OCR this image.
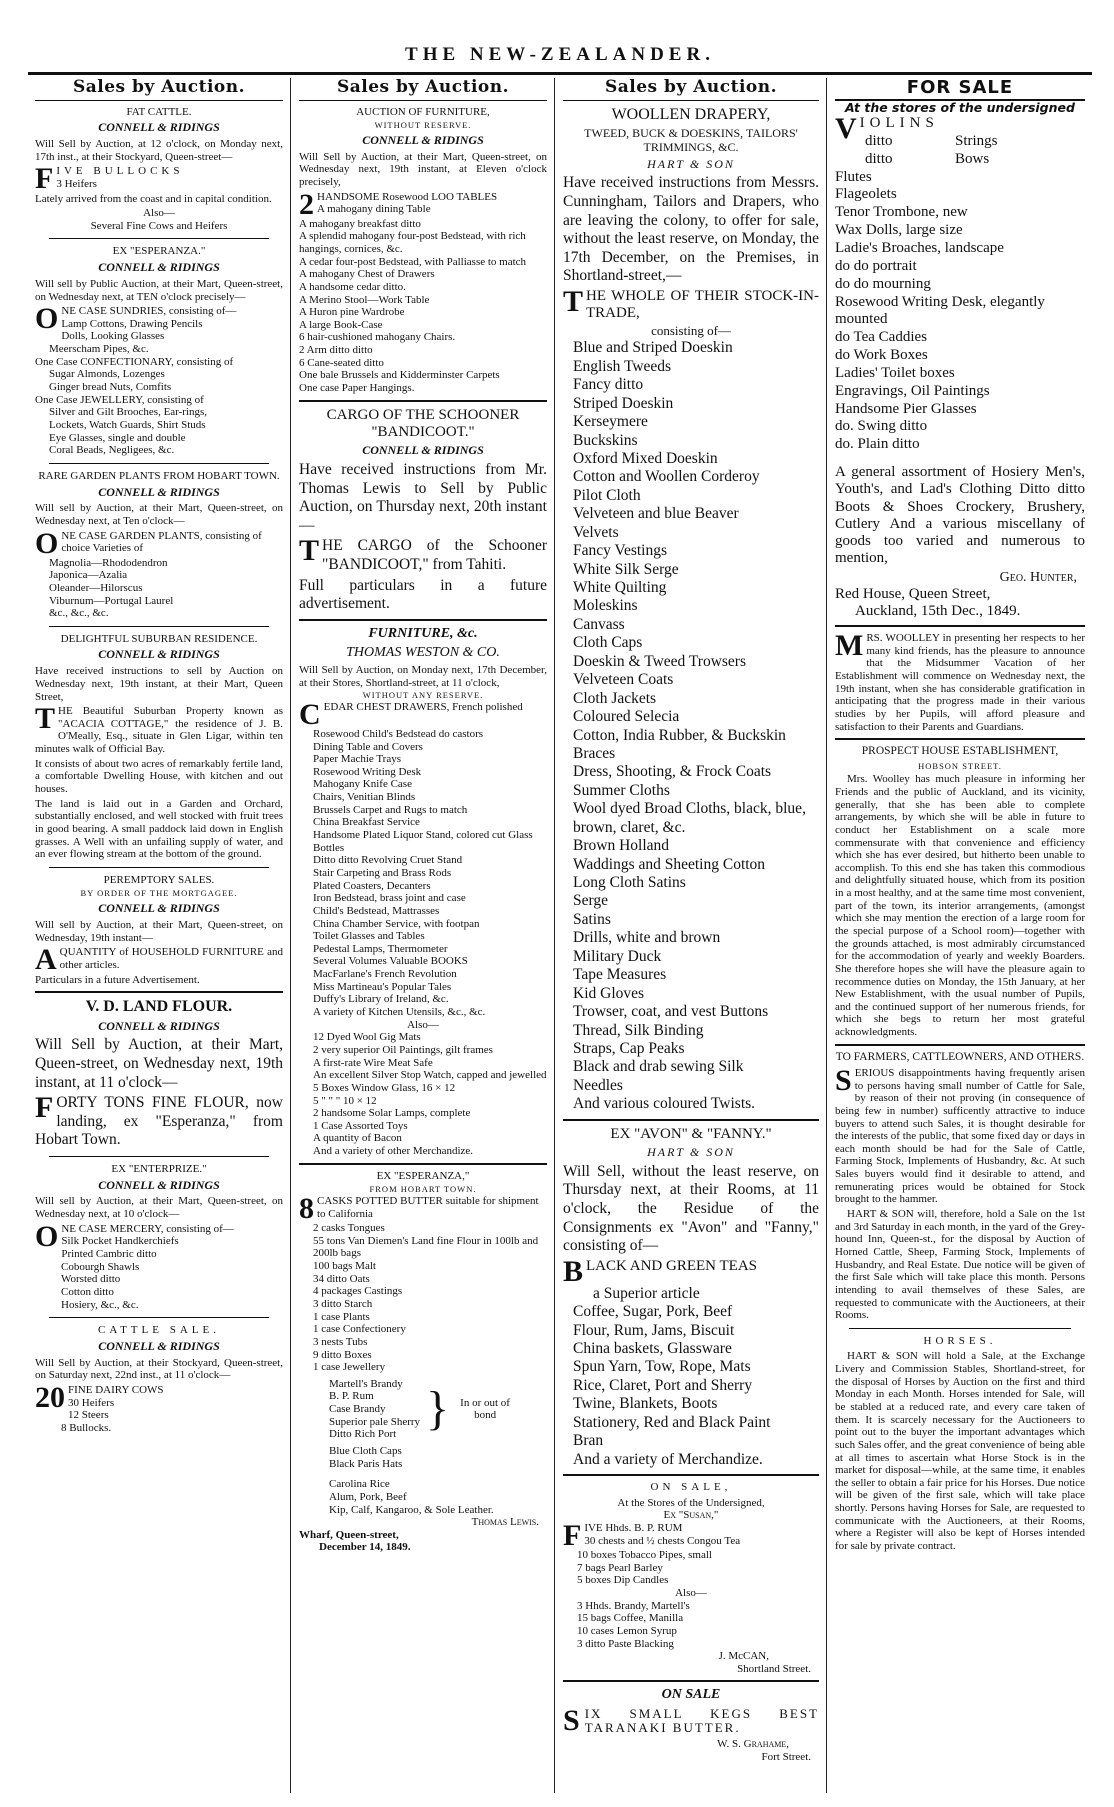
THE NEW-ZEALANDER.
Sales by Auction.
FAT CATTLE.
CONNELL & RIDINGS
Will Sell by Auction, at 12 o'clock, on Monday next, 17th inst., at their Stockyard, Queen-street—
FIVE BULLOCKS
3 Heifers
Lately arrived from the coast and in capital condition.
Also—
Several Fine Cows and Heifers
EX "ESPERANZA."
CONNELL & RIDINGS
Will sell by Public Auction, at their Mart, Queen-street, on Wednesday next, at TEN o'clock precisely—
ONE CASE SUNDRIES, consisting of—
Lamp Cottons, Drawing Pencils
Dolls, Looking Glasses
Meerscham Pipes, &c.
One Case CONFECTIONARY, consisting of
Sugar Almonds, Lozenges
Ginger bread Nuts, Comfits
One Case JEWELLERY, consisting of
Silver and Gilt Brooches, Ear-rings,
Lockets, Watch Guards, Shirt Studs
Eye Glasses, single and double
Coral Beads, Negligees, &c.
RARE GARDEN PLANTS FROM HOBART TOWN.
CONNELL & RIDINGS
Will sell by Auction, at their Mart, Queen-street, on Wednesday next, at Ten o'clock—
ONE CASE GARDEN PLANTS, consisting of choice Varieties of
Magnolia—Rhododendron
Japonica—Azalia
Oleander—Hilorscus
Viburnum—Portugal Laurel
&c., &c., &c.
DELIGHTFUL SUBURBAN RESIDENCE.
CONNELL & RIDINGS
Have received instructions to sell by Auction on Wednesday next, 19th instant, at their Mart, Queen Street,
THE Beautiful Suburban Property known as "ACACIA COTTAGE," the residence of J. B. O'Meally, Esq., situate in Glen Ligar, within ten minutes walk of Official Bay.
It consists of about two acres of remarkably fertile land, a comfortable Dwelling House, with kitchen and out houses.
The land is laid out in a Garden and Orchard, substantially enclosed, and well stocked with fruit trees in good bearing. A small paddock laid down in English grasses. A Well with an unfailing supply of water, and an ever flowing stream at the bottom of the ground.
PEREMPTORY SALES.
BY ORDER OF THE MORTGAGEE.
CONNELL & RIDINGS
Will sell by Auction, at their Mart, Queen-street, on Wednesday, 19th instant—
AQUANTITY of HOUSEHOLD FURNITURE and other articles.
Particulars in a future Advertisement.
V. D. LAND FLOUR.
CONNELL & RIDINGS
Will Sell by Auction, at their Mart, Queen-street, on Wednesday next, 19th instant, at 11 o'clock—
FORTY TONS FINE FLOUR, now landing, ex "Esperanza," from Hobart Town.
EX "ENTERPRIZE."
CONNELL & RIDINGS
Will sell by Auction, at their Mart, Queen-street, on Wednesday next, at 10 o'clock—
ONE CASE MERCERY, consisting of—
Silk Pocket Handkerchiefs
Printed Cambric ditto
Cobourgh Shawls
Worsted ditto
Cotton ditto
Hosiery, &c., &c.
CATTLE SALE.
CONNELL & RIDINGS
Will Sell by Auction, at their Stockyard, Queen-street, on Saturday next, 22nd inst., at 11 o'clock—
20 FINE DAIRY COWS
30 Heifers
12 Steers
8 Bullocks.
Sales by Auction.
AUCTION OF FURNITURE,
WITHOUT RESERVE.
CONNELL & RIDINGS
Will Sell by Auction, at their Mart, Queen-street, on Wednesday next, 19th instant, at Eleven o'clock precisely,
2 HANDSOME Rosewood LOO TABLES
A mahogany dining Table
A mahogany breakfast ditto
A splendid mahogany four-post Bedstead, with rich hangings, cornices, &c.
A cedar four-post Bedstead, with Palliasse to match
A mahogany Chest of Drawers
A handsome cedar ditto.
A Merino Stool—Work Table
A Huron pine Wardrobe
A large Book-Case
6 hair-cushioned mahogany Chairs.
2 Arm ditto ditto
6 Cane-seated ditto
One bale Brussels and Kidderminster Carpets
One case Paper Hangings.
CARGO OF THE SCHOONER "BANDICOOT."
CONNELL & RIDINGS
Have received instructions from Mr. Thomas Lewis to Sell by Public Auction, on Thursday next, 20th instant—
THE CARGO of the Schooner "BANDICOOT," from Tahiti.
Full particulars in a future advertisement.
FURNITURE, &c.
THOMAS WESTON & CO.
Will Sell by Auction, on Monday next, 17th December, at their Stores, Shortland-street, at 11 o'clock,
WITHOUT ANY RESERVE.
CEDAR CHEST DRAWERS, French polished
Rosewood Child's Bedstead do castors
Dining Table and Covers
Paper Machie Trays
Rosewood Writing Desk
Mahogany Knife Case
Chairs, Venitian Blinds
Brussels Carpet and Rugs to match
China Breakfast Service
Handsome Plated Liquor Stand, colored cut Glass Bottles
Ditto ditto Revolving Cruet Stand
Stair Carpeting and Brass Rods
Plated Coasters, Decanters
Iron Bedstead, brass joint and case
Child's Bedstead, Mattrasses
China Chamber Service, with footpan
Toilet Glasses and Tables
Pedestal Lamps, Thermometer
Several Volumes Valuable BOOKS
MacFarlane's French Revolution
Miss Martineau's Popular Tales
Duffy's Library of Ireland, &c.
A variety of Kitchen Utensils, &c., &c.
Also—
12 Dyed Wool Gig Mats
2 very superior Oil Paintings, gilt frames
A first-rate Wire Meat Safe
An excellent Silver Stop Watch, capped and jewelled
5 Boxes Window Glass, 16 × 12
5 " " " 10 × 12
2 handsome Solar Lamps, complete
1 Case Assorted Toys
A quantity of Bacon
And a variety of other Merchandize.
EX "ESPERANZA,"
FROM HOBART TOWN.
8 CASKS POTTED BUTTER suitable for shipment to California
2 casks Tongues
55 tons Van Diemen's Land fine Flour in 100lb and 200lb bags
100 bags Malt
34 ditto Oats
4 packages Castings
3 ditto Starch
1 case Plants
1 case Confectionery
3 nests Tubs
9 ditto Boxes
1 case Jewellery
Martell's Brandy
B. P. Rum
Case Brandy
Superior pale Sherry
Ditto Rich Port }	In or out of bond
Blue Cloth Caps
Black Paris Hats
Carolina Rice
Alum, Pork, Beef
Kip, Calf, Kangaroo, & Sole Leather.
Thomas Lewis.
Wharf, Queen-street,
December 14, 1849.
Sales by Auction.
WOOLLEN DRAPERY,
TWEED, BUCK & DOESKINS, TAILORS' TRIMMINGS, &C.
HART & SON
Have received instructions from Messrs. Cunningham, Tailors and Drapers, who are leaving the colony, to offer for sale, without the least reserve, on Monday, the 17th December, on the Premises, in Shortland-street,—
THE WHOLE OF THEIR STOCK-IN-TRADE,
consisting of—
Blue and Striped Doeskin
English Tweeds
Fancy ditto
Striped Doeskin
Kerseymere
Buckskins
Oxford Mixed Doeskin
Cotton and Woollen Corderoy
Pilot Cloth
Velveteen and blue Beaver
Velvets
Fancy Vestings
White Silk Serge
White Quilting
Moleskins
Canvass
Cloth Caps
Doeskin & Tweed Trowsers
Velveteen Coats
Cloth Jackets
Coloured Selecia
Cotton, India Rubber, & Buckskin Braces
Dress, Shooting, & Frock Coats
Summer Cloths
Wool dyed Broad Cloths, black, blue, brown, claret, &c.
Brown Holland
Waddings and Sheeting Cotton
Long Cloth Satins
Serge
Satins
Drills, white and brown
Military Duck
Tape Measures
Kid Gloves
Trowser, coat, and vest Buttons
Thread, Silk Binding
Straps, Cap Peaks
Black and drab sewing Silk
Needles
And various coloured Twists.
EX "AVON" & "FANNY."
HART & SON
Will Sell, without the least reserve, on Thursday next, at their Rooms, at 11 o'clock, the Residue of the Consignments ex "Avon" and "Fanny," consisting of—
BLACK AND GREEN TEAS
a Superior article
Coffee, Sugar, Pork, Beef
Flour, Rum, Jams, Biscuit
China baskets, Glassware
Spun Yarn, Tow, Rope, Mats
Rice, Claret, Port and Sherry
Twine, Blankets, Boots
Stationery, Red and Black Paint
Bran
And a variety of Merchandize.
ON SALE,
At the Stores of the Undersigned,
Ex "Susan,"
FIVE Hhds. B. P. RUM
30 chests and ½ chests Congou Tea
10 boxes Tobacco Pipes, small
7 bags Pearl Barley
5 boxes Dip Candles
Also—
3 Hhds. Brandy, Martell's
15 bags Coffee, Manilla
10 cases Lemon Syrup
3 ditto Paste Blacking
J. McCAN,
Shortland Street.
ON SALE
SIX SMALL KEGS BEST TARANAKI BUTTER.
W. S. Grahame,
Fort Street.
FOR SALE
At the stores of the undersigned
VIOLINS
ditto	Strings
ditto	Bows
Flutes
Flageolets
Tenor Trombone, new
Wax Dolls, large size
Ladie's Broaches, landscape
do do portrait
do do mourning
Rosewood Writing Desk, elegantly mounted
do Tea Caddies
do Work Boxes
Ladies' Toilet boxes
Engravings, Oil Paintings
Handsome Pier Glasses
do. Swing ditto
do. Plain ditto
A general assortment of Hosiery Men's, Youth's, and Lad's Clothing Ditto ditto Boots & Shoes Crockery, Brushery, Cutlery And a various miscellany of goods too varied and numerous to mention,
Geo. Hunter,
Red House, Queen Street,
Auckland, 15th Dec., 1849.
MRS. WOOLLEY in presenting her respects to her many kind friends, has the pleasure to announce that the Midsummer Vacation of her Establishment will commence on Wednesday next, the 19th instant, when she has considerable gratification in anticipating that the progress made in their various studies by her Pupils, will afford pleasure and satisfaction to their Parents and Guardians.
PROSPECT HOUSE ESTABLISHMENT,
HOBSON STREET.
Mrs. Woolley has much pleasure in informing her Friends and the public of Auckland, and its vicinity, generally, that she has been able to complete arrangements, by which she will be able in future to conduct her Establishment on a scale more commensurate with that convenience and efficiency which she has ever desired, but hitherto been unable to accomplish. To this end she has taken this commodious and delightfully situated house, which from its position in a most healthy, and at the same time most convenient, part of the town, its interior arrangements, (amongst which she may mention the erection of a large room for the special purpose of a School room)—together with the grounds attached, is most admirably circumstanced for the accommodation of yearly and weekly Boarders. She therefore hopes she will have the pleasure again to recommence duties on Monday, the 15th January, at her New Establishment, with the usual number of Pupils, and the continued support of her numerous friends, for which she begs to return her most grateful acknowledgments.
TO FARMERS, CATTLEOWNERS, AND OTHERS.
SERIOUS disappointments having frequently arisen to persons having small number of Cattle for Sale, by reason of their not proving (in consequence of being few in number) sufficently attractive to induce buyers to attend such Sales, it is thought desirable for the interests of the public, that some fixed day or days in each month should be had for the Sale of Cattle, Farming Stock, Implements of Husbandry, &c. At such Sales buyers would find it desirable to attend, and remunerating prices would be obtained for Stock brought to the hammer.
HART & SON will, therefore, hold a Sale on the 1st and 3rd Saturday in each month, in the yard of the Grey-hound Inn, Queen-st., for the disposal by Auction of Horned Cattle, Sheep, Farming Stock, Implements of Husbandry, and Real Estate. Due notice will be given of the first Sale which will take place this month. Persons intending to avail themselves of these Sales, are requested to communicate with the Auctioneers, at their Rooms.
HORSES.
HART & SON will hold a Sale, at the Exchange Livery and Commission Stables, Shortland-street, for the disposal of Horses by Auction on the first and third Monday in each Month. Horses intended for Sale, will be stabled at a reduced rate, and every care taken of them. It is scarcely necessary for the Auctioneers to point out to the buyer the important advantages which such Sales offer, and the great convenience of being able at all times to ascertain what Horse Stock is in the market for disposal—while, at the same time, it enables the seller to obtain a fair price for his Horses. Due notice will be given of the first sale, which will take place shortly. Persons having Horses for Sale, are requested to communicate with the Auctioneers, at their Rooms, where a Register will also be kept of Horses intended for sale by private contract.
